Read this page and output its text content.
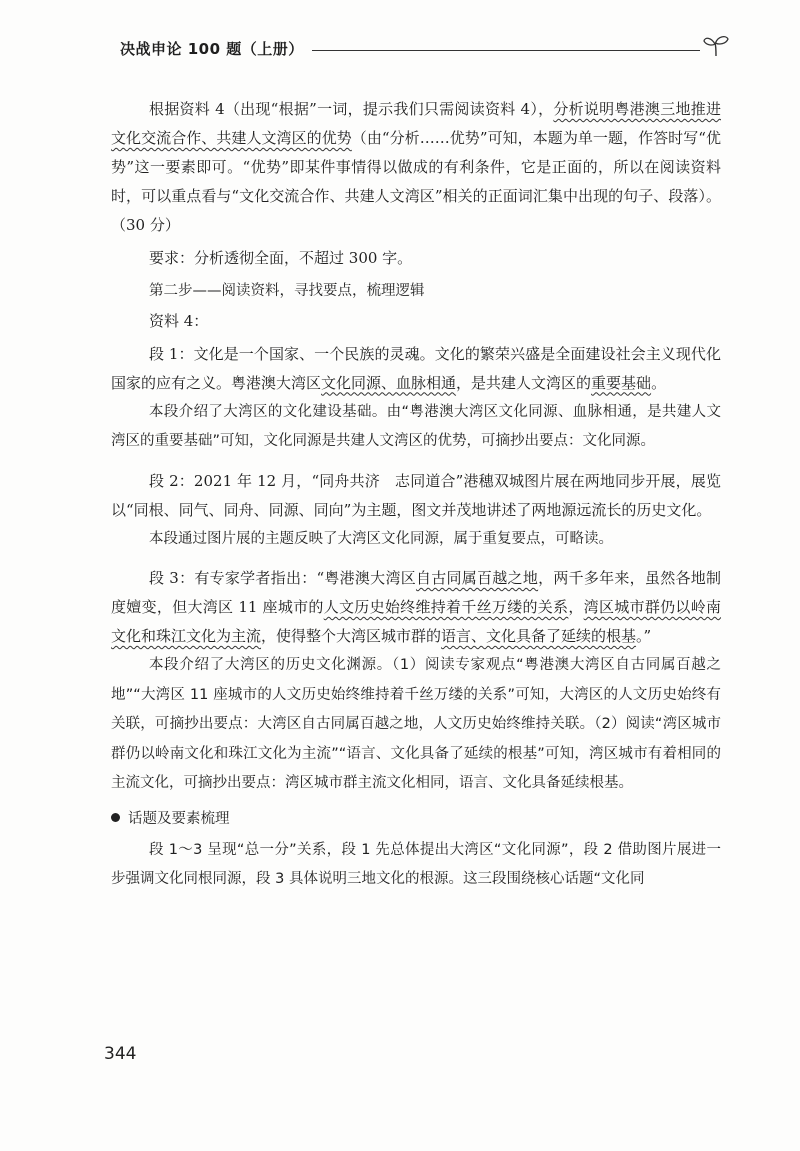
决战申论 100 题（上册）

根据资料 4（出现“根据”一词，提示我们只需阅读资料 4），分析说明粤港澳三地推进文化交流合作、共建人文湾区的优势（由“分析……优势”可知，本题为单一题，作答时写“优势”这一要素即可。“优势”即某件事情得以做成的有利条件，它是正面的，所以在阅读资料时，可以重点看与“文化交流合作、共建人文湾区”相关的正面词汇集中出现的句子、段落）。（30 分）

要求：分析透彻全面，不超过 300 字。

第二步——阅读资料，寻找要点，梳理逻辑

资料 4：

段 1：文化是一个国家、一个民族的灵魂。文化的繁荣兴盛是全面建设社会主义现代化国家的应有之义。粤港澳大湾区文化同源、血脉相通，是共建人文湾区的重要基础。

本段介绍了大湾区的文化建设基础。由“粤港澳大湾区文化同源、血脉相通，是共建人文湾区的重要基础”可知，文化同源是共建人文湾区的优势，可摘抄出要点：文化同源。

段 2：2021 年 12 月，“同舟共济　志同道合”港穗双城图片展在两地同步开展，展览以“同根、同气、同舟、同源、同向”为主题，图文并茂地讲述了两地源远流长的历史文化。

本段通过图片展的主题反映了大湾区文化同源，属于重复要点，可略读。

段 3：有专家学者指出：“粤港澳大湾区自古同属百越之地，两千多年来，虽然各地制度嬗变，但大湾区 11 座城市的人文历史始终维持着千丝万缕的关系，湾区城市群仍以岭南文化和珠江文化为主流，使得整个大湾区城市群的语言、文化具备了延续的根基。”

本段介绍了大湾区的历史文化渊源。（1）阅读专家观点“粤港澳大湾区自古同属百越之地”“大湾区 11 座城市的人文历史始终维持着千丝万缕的关系”可知，大湾区的人文历史始终有关联，可摘抄出要点：大湾区自古同属百越之地，人文历史始终维持关联。（2）阅读“湾区城市群仍以岭南文化和珠江文化为主流”“语言、文化具备了延续的根基”可知，湾区城市有着相同的主流文化，可摘抄出要点：湾区城市群主流文化相同，语言、文化具备延续根基。

话题及要素梳理

段 1～3 呈现“总一分”关系，段 1 先总体提出大湾区“文化同源”，段 2 借助图片展进一步强调文化同根同源，段 3 具体说明三地文化的根源。这三段围绕核心话题“文化同

344
